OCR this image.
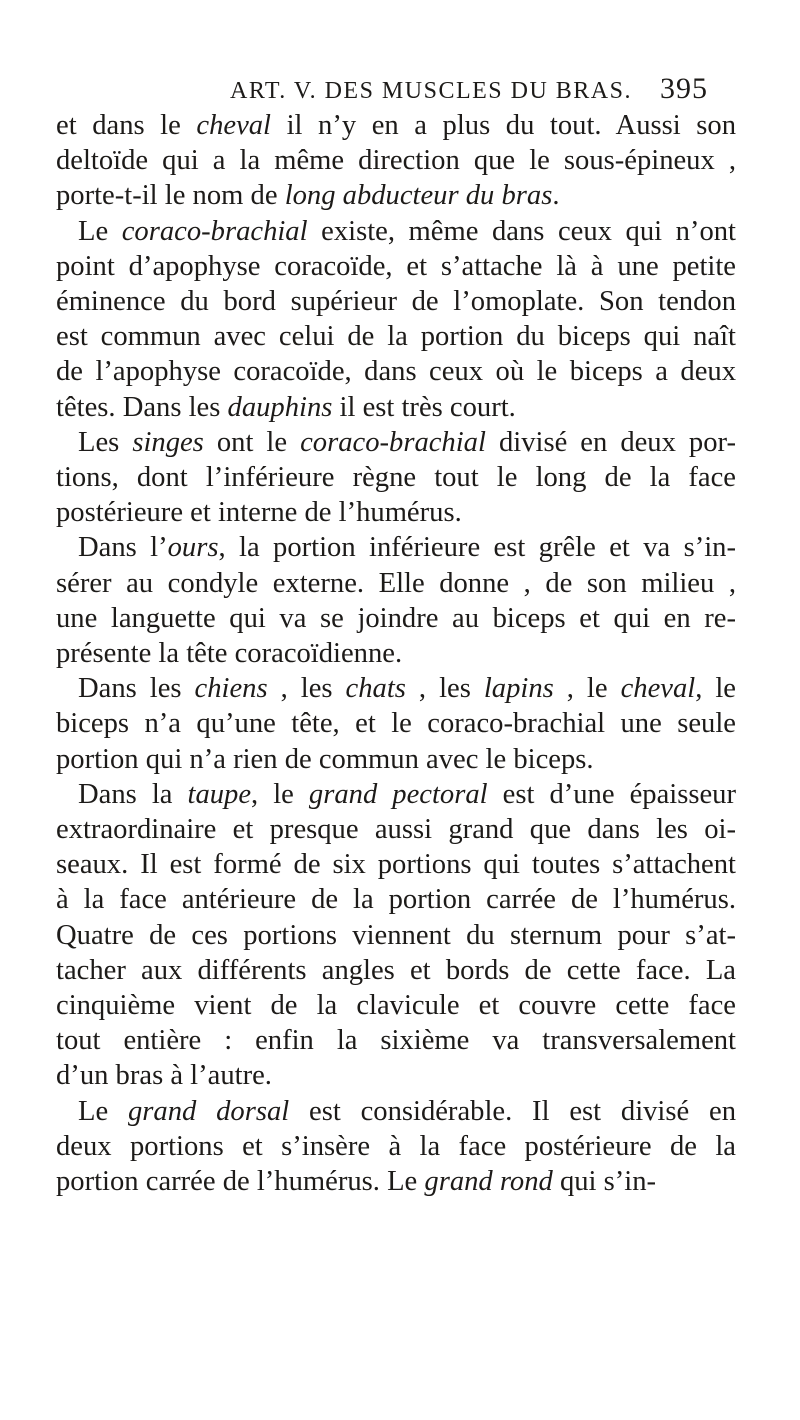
ART. V. DES MUSCLES DU BRAS. 395

et dans le cheval il n’y en a plus du tout. Aussi son
deltoïde qui a la même direction que le sous-épineux ,
porte-t-il le nom de long abducteur du bras.

Le coraco-brachial existe, même dans ceux qui n’ont
point d’apophyse coracoïde, et s’attache là à une petite
éminence du bord supérieur de l’omoplate. Son tendon
est commun avec celui de la portion du biceps qui naît
de l’apophyse coracoïde, dans ceux où le biceps a deux
têtes. Dans les dauphins il est très court.

Les singes ont le coraco-brachial divisé en deux por-
tions, dont l’inférieure règne tout le long de la face
postérieure et interne de l’humérus.

Dans l’ours, la portion inférieure est grêle et va s’in-
sérer au condyle externe. Elle donne , de son milieu ,
une languette qui va se joindre au biceps et qui en re-
présente la tête coracoïdienne.

Dans les chiens , les chats , les lapins , le cheval, le
biceps n’a qu’une tête, et le coraco-brachial une seule
portion qui n’a rien de commun avec le biceps.

Dans la taupe, le grand pectoral est d’une épaisseur
extraordinaire et presque aussi grand que dans les oi-
seaux. Il est formé de six portions qui toutes s’attachent
à la face antérieure de la portion carrée de l’humérus.
Quatre de ces portions viennent du sternum pour s’at-
tacher aux différents angles et bords de cette face. La
cinquième vient de la clavicule et couvre cette face
tout entière : enfin la sixième va transversalement
d’un bras à l’autre.

Le grand dorsal est considérable. Il est divisé en
deux portions et s’insère à la face postérieure de la
portion carrée de l’humérus. Le grand rond qui s’in-
